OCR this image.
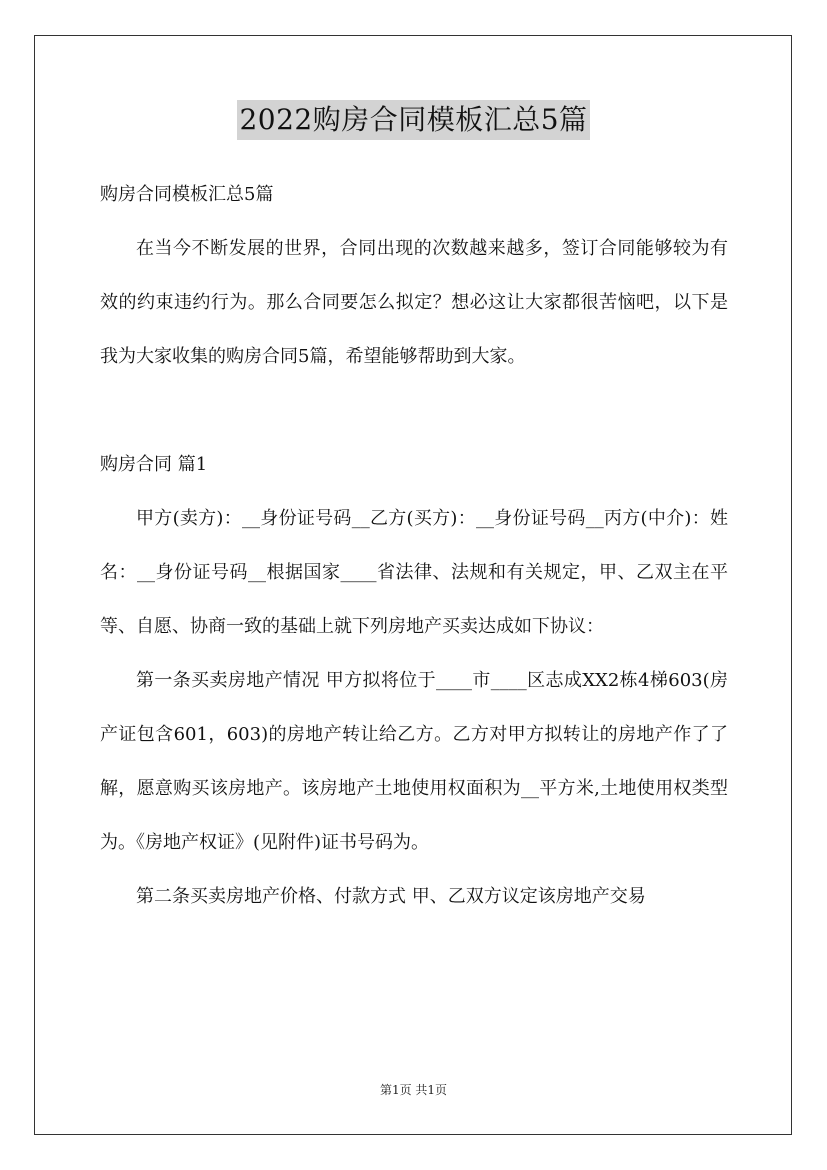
2022购房合同模板汇总5篇

购房合同模板汇总5篇

在当今不断发展的世界，合同出现的次数越来越多，签订合同能够较为有效的约束违约行为。那么合同要怎么拟定？想必这让大家都很苦恼吧，以下是我为大家收集的购房合同5篇，希望能够帮助到大家。

购房合同 篇1

甲方(卖方)：__身份证号码__乙方(买方)：__身份证号码__丙方(中介)：姓名：__身份证号码__根据国家____省法律、法规和有关规定，甲、乙双主在平等、自愿、协商一致的基础上就下列房地产买卖达成如下协议：

第一条买卖房地产情况 甲方拟将位于____市____区志成XX2栋4梯603(房产证包含601，603)的房地产转让给乙方。乙方对甲方拟转让的房地产作了了解，愿意购买该房地产。该房地产土地使用权面积为__平方米,土地使用权类型为。《房地产权证》(见附件)证书号码为。

第二条买卖房地产价格、付款方式 甲、乙双方议定该房地产交易

第1页 共1页
